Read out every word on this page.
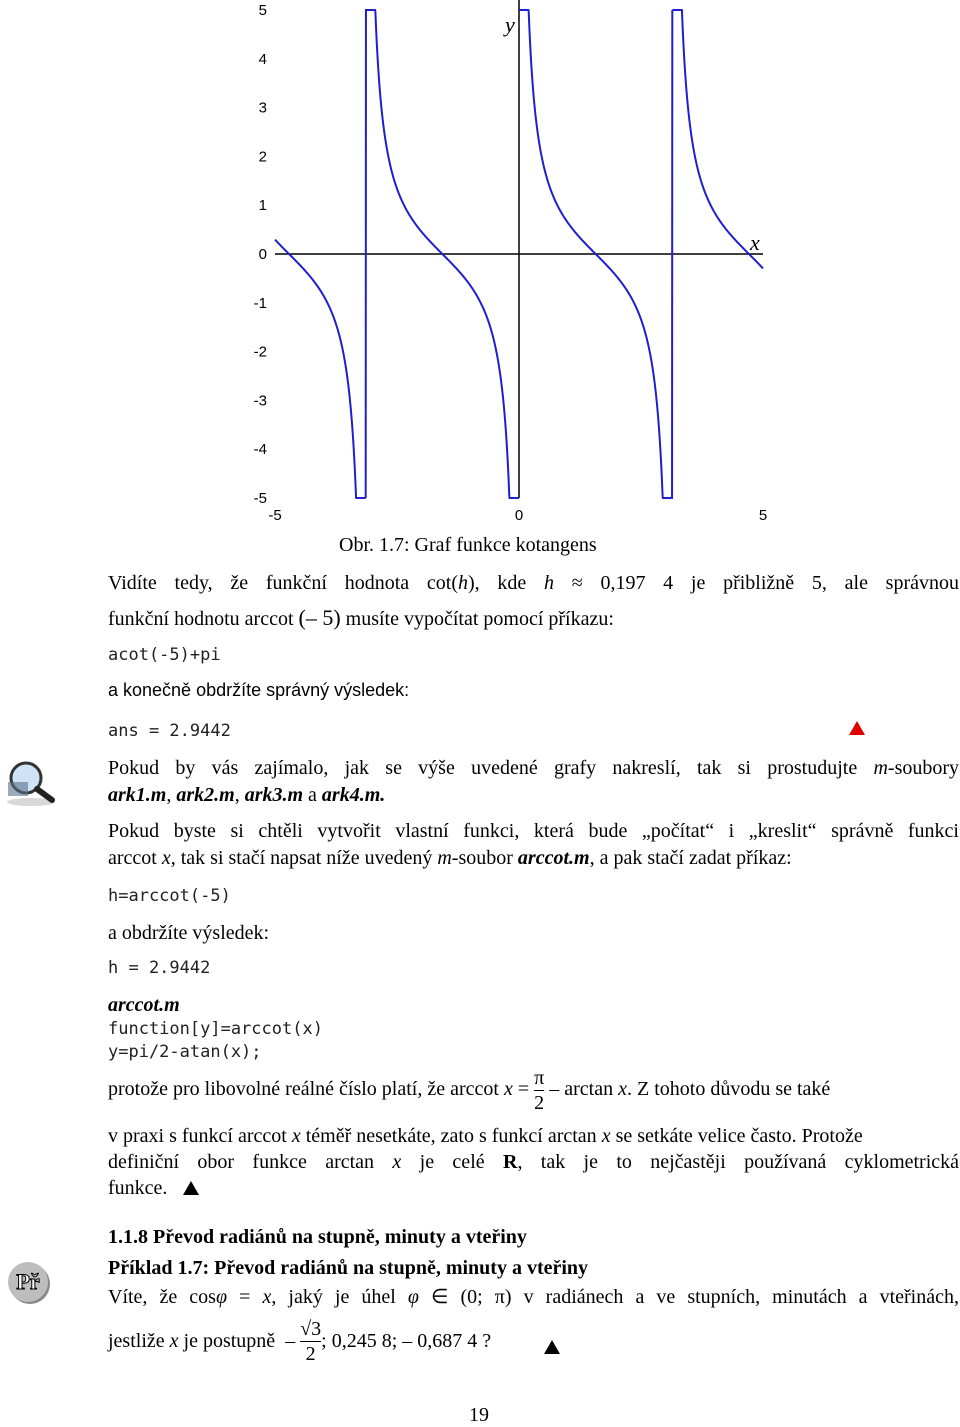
5
4
3
2
1
0
-1
-2
-3
-4
-5
-5	0	5
y
x
Obr. 1.7: Graf funkce kotangens
Vidíte tedy, že funkční hodnota cot(h), kde h ≈ 0,197 4 je přibližně 5, ale správnou
funkční hodnotu arccot (– 5) musíte vypočítat pomocí příkazu:
acot(-5)+pi
a konečně obdržíte správný výsledek:
ans = 2.9442
Pokud by vás zajímalo, jak se výše uvedené grafy nakreslí, tak si prostudujte m-soubory
ark1.m, ark2.m, ark3.m a ark4.m.
Pokud byste si chtěli vytvořit vlastní funkci, která bude „počítat“ i „kreslit“ správně funkci
arccot x, tak si stačí napsat níže uvedený m-soubor arccot.m, a pak stačí zadat příkaz:
h=arccot(-5)
a obdržíte výsledek:
h = 2.9442
arccot.m
function[y]=arccot(x)
y=pi/2-atan(x);
protože pro libovolné reálné číslo platí, že arccot $x = \frac{\pi}{2} - \arctan x$. Z tohoto důvodu se také
v praxi s funkcí arccot x téměř nesetkáte, zato s funkcí arctan x se setkáte velice často. Protože
definiční obor funkce arctan x je celé R, tak je to nejčastěji používaná cyklometrická
funkce.
1.1.8 Převod radiánů na stupně, minuty a vteřiny
Př
Příklad 1.7: Převod radiánů na stupně, minuty a vteřiny
Víte, že cosφ = x, jaký je úhel φ ∈ (0; π) v radiánech a ve stupních, minutách a vteřinách,
jestliže
x
je postupně
–
$\frac{√3}{2}$ ; 0,245 8; – 0,687 4 ?
19
